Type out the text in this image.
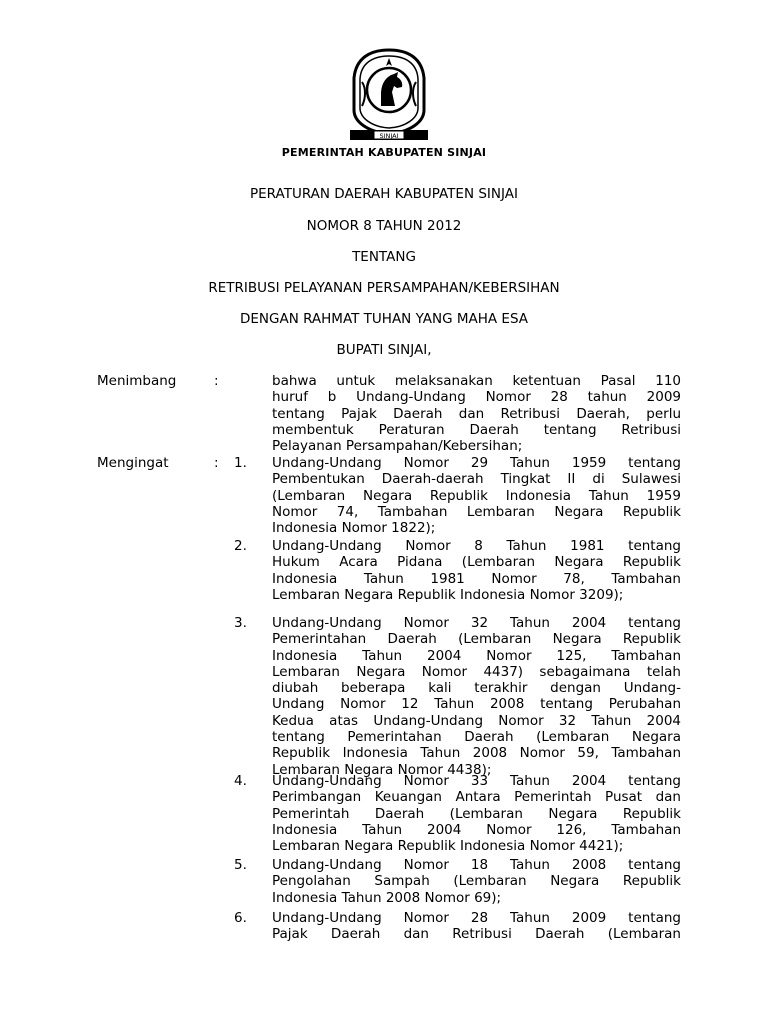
SINJAI
PEMERINTAH KABUPATEN SINJAI
PERATURAN DAERAH KABUPATEN SINJAI
NOMOR 8 TAHUN 2012
TENTANG
RETRIBUSI PELAYANAN PERSAMPAHAN/KEBERSIHAN
DENGAN RAHMAT TUHAN YANG MAHA ESA
BUPATI SINJAI,
Menimbang	:	bahwa untuk melaksanakan ketentuan Pasal 110
huruf b Undang-Undang Nomor 28 tahun 2009
tentang Pajak Daerah dan Retribusi Daerah, perlu
membentuk Peraturan Daerah tentang Retribusi
Pelayanan Persampahan/Kebersihan;
Mengingat	: 1. Undang-Undang Nomor 29 Tahun 1959 tentang
Pembentukan Daerah-daerah Tingkat II di Sulawesi
(Lembaran Negara Republik Indonesia Tahun 1959
Nomor 74, Tambahan Lembaran Negara Republik
Indonesia Nomor 1822);
2. Undang-Undang Nomor 8 Tahun 1981 tentang
Hukum Acara Pidana (Lembaran Negara Republik
Indonesia Tahun 1981 Nomor 78, Tambahan
Lembaran Negara Republik Indonesia Nomor 3209);
3. Undang-Undang Nomor 32 Tahun 2004 tentang
Pemerintahan Daerah (Lembaran Negara Republik
Indonesia Tahun 2004 Nomor 125, Tambahan
Lembaran Negara Nomor 4437) sebagaimana telah
diubah beberapa kali terakhir dengan Undang-
Undang Nomor 12 Tahun 2008 tentang Perubahan
Kedua atas Undang-Undang Nomor 32 Tahun 2004
tentang Pemerintahan Daerah (Lembaran Negara
Republik Indonesia Tahun 2008 Nomor 59, Tambahan
Lembaran Negara Nomor 4438);
4. Undang-Undang Nomor 33 Tahun 2004 tentang
Perimbangan Keuangan Antara Pemerintah Pusat dan
Pemerintah Daerah (Lembaran Negara Republik
Indonesia Tahun 2004 Nomor 126, Tambahan
Lembaran Negara Republik Indonesia Nomor 4421);
5. Undang-Undang Nomor 18 Tahun 2008 tentang
Pengolahan Sampah (Lembaran Negara Republik
Indonesia Tahun 2008 Nomor 69);
6. Undang-Undang Nomor 28 Tahun 2009 tentang
Pajak Daerah dan Retribusi Daerah (Lembaran
